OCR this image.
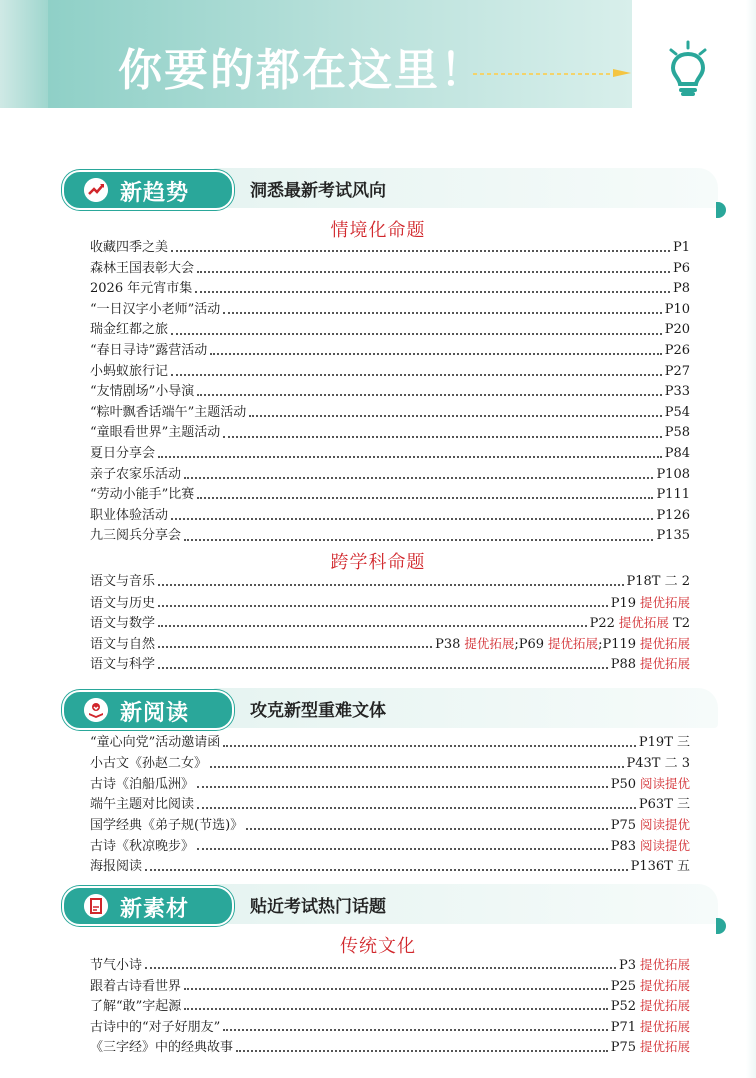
你要的都在这里！
新趋势	洞悉最新考试风向
情境化命题
收藏四季之美	P1
森林王国表彰大会	P6
2026 年元宵市集	P8
“一日汉字小老师”活动	P10
瑞金红都之旅	P20
“春日寻诗”露营活动	P26
小蚂蚁旅行记	P27
“友情剧场”小导演	P33
“粽叶飘香话端午”主题活动	P54
“童眼看世界”主题活动	P58
夏日分享会	P84
亲子农家乐活动	P108
“劳动小能手”比赛	P111
职业体验活动	P126
九三阅兵分享会	P135
跨学科命题
语文与音乐	P18T 二 2
语文与历史	P19 提优拓展
语文与数学	P22 提优拓展 T2
语文与自然	P38 提优拓展;P69 提优拓展;P119 提优拓展
语文与科学	P88 提优拓展
新阅读	攻克新型重难文体
“童心向党”活动邀请函	P19T 三
小古文《孙赵二女》	P43T 二 3
古诗《泊船瓜洲》	P50 阅读提优
端午主题对比阅读	P63T 三
国学经典《弟子规(节选)》	P75 阅读提优
古诗《秋凉晚步》	P83 阅读提优
海报阅读	P136T 五
新素材	贴近考试热门话题
传统文化
节气小诗	P3 提优拓展
跟着古诗看世界	P25 提优拓展
了解“敢”字起源	P52 提优拓展
古诗中的“对子好朋友”	P71 提优拓展
《三字经》中的经典故事	P75 提优拓展
